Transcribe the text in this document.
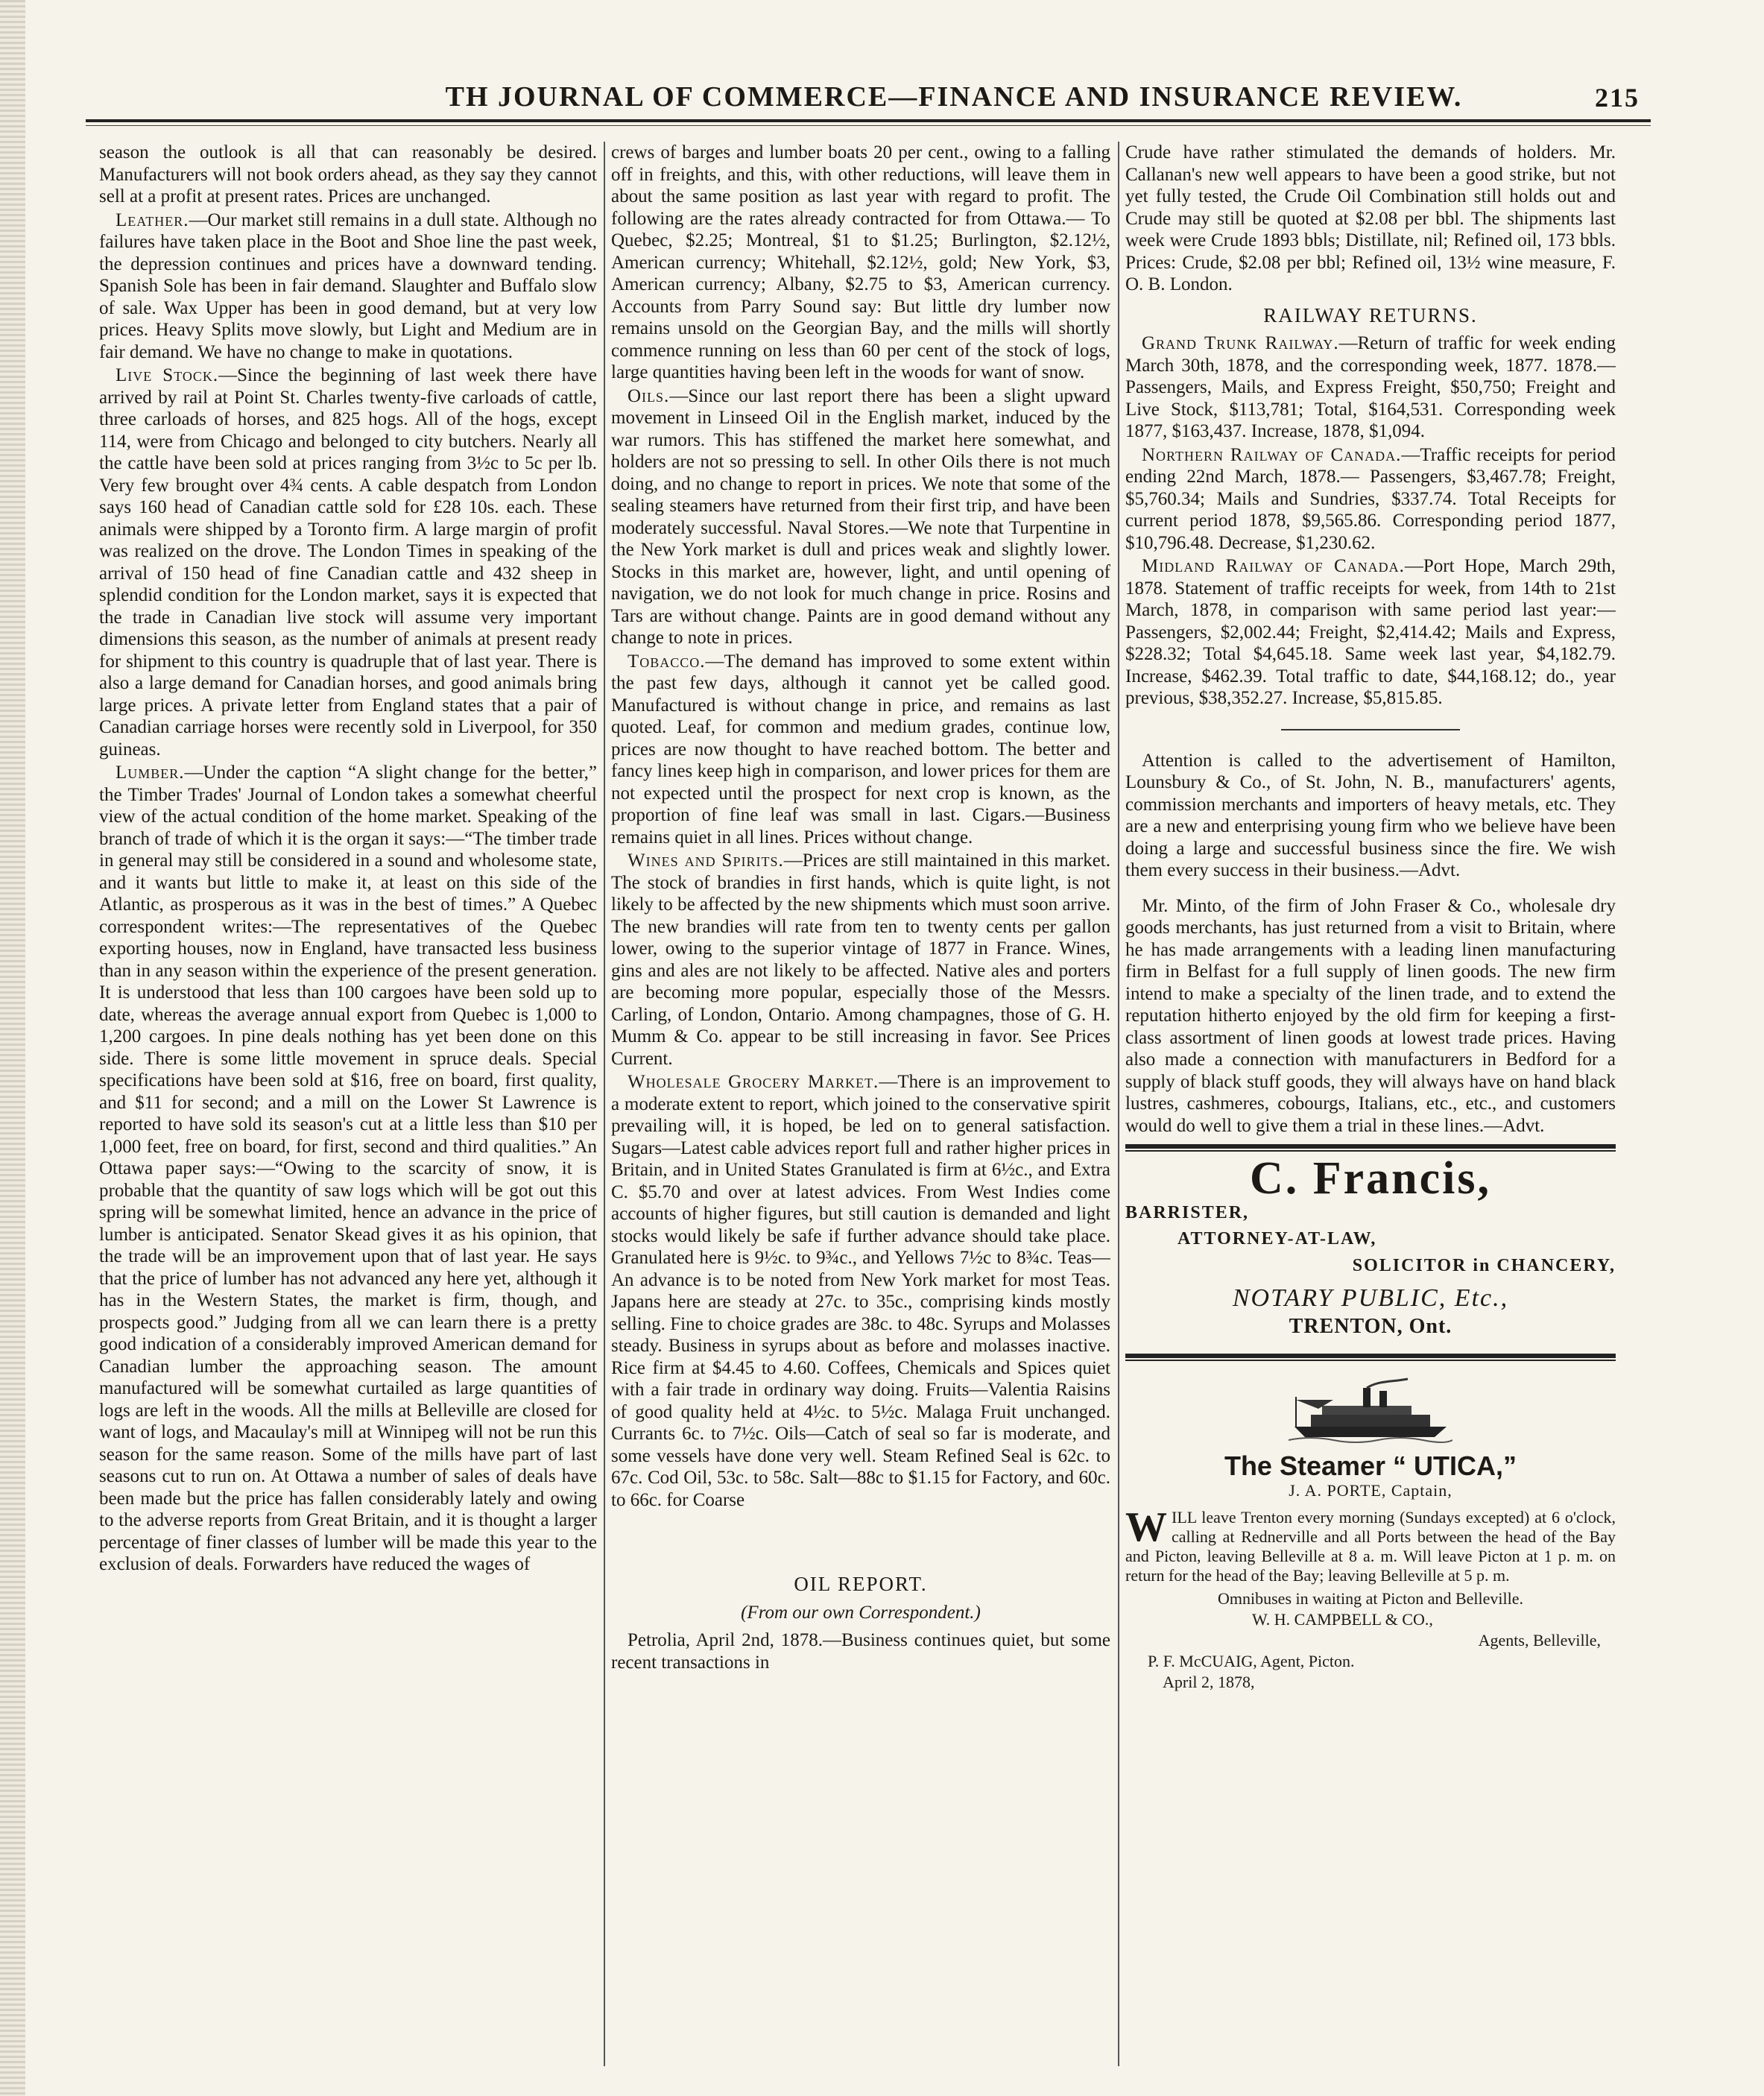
TH JOURNAL OF COMMERCE—FINANCE AND INSURANCE REVIEW.	215

season the outlook is all that can reasonably be desired. Manufacturers will not book orders ahead, as they say they cannot sell at a profit at present rates. Prices are unchanged.

Leather.—Our market still remains in a dull state. Although no failures have taken place in the Boot and Shoe line the past week, the depression continues and prices have a downward tending. Spanish Sole has been in fair demand. Slaughter and Buffalo slow of sale. Wax Upper has been in good demand, but at very low prices. Heavy Splits move slowly, but Light and Medium are in fair demand. We have no change to make in quotations.

Live Stock.—Since the beginning of last week there have arrived by rail at Point St. Charles twenty-five carloads of cattle, three carloads of horses, and 825 hogs. All of the hogs, except 114, were from Chicago and belonged to city butchers. Nearly all the cattle have been sold at prices ranging from 3½c to 5c per lb. Very few brought over 4¾ cents. A cable despatch from London says 160 head of Canadian cattle sold for £28 10s. each. These animals were shipped by a Toronto firm. A large margin of profit was realized on the drove. The London Times in speaking of the arrival of 150 head of fine Canadian cattle and 432 sheep in splendid condition for the London market, says it is expected that the trade in Canadian live stock will assume very important dimensions this season, as the number of animals at present ready for shipment to this country is quadruple that of last year. There is also a large demand for Canadian horses, and good animals bring large prices. A private letter from England states that a pair of Canadian carriage horses were recently sold in Liverpool, for 350 guineas.

Lumber.—Under the caption “A slight change for the better,” the Timber Trades' Journal of London takes a somewhat cheerful view of the actual condition of the home market. Speaking of the branch of trade of which it is the organ it says:—“The timber trade in general may still be considered in a sound and wholesome state, and it wants but little to make it, at least on this side of the Atlantic, as prosperous as it was in the best of times.” A Quebec correspondent writes:—The representatives of the Quebec exporting houses, now in England, have transacted less business than in any season within the experience of the present generation. It is understood that less than 100 cargoes have been sold up to date, whereas the average annual export from Quebec is 1,000 to 1,200 cargoes. In pine deals nothing has yet been done on this side. There is some little movement in spruce deals. Special specifications have been sold at $16, free on board, first quality, and $11 for second; and a mill on the Lower St Lawrence is reported to have sold its season's cut at a little less than $10 per 1,000 feet, free on board, for first, second and third qualities.” An Ottawa paper says:—“Owing to the scarcity of snow, it is probable that the quantity of saw logs which will be got out this spring will be somewhat limited, hence an advance in the price of lumber is anticipated. Senator Skead gives it as his opinion, that the trade will be an improvement upon that of last year. He says that the price of lumber has not advanced any here yet, although it has in the Western States, the market is firm, though, and prospects good.” Judging from all we can learn there is a pretty good indication of a considerably improved American demand for Canadian lumber the approaching season. The amount manufactured will be somewhat curtailed as large quantities of logs are left in the woods. All the mills at Belleville are closed for want of logs, and Macaulay's mill at Winnipeg will not be run this season for the same reason. Some of the mills have part of last seasons cut to run on. At Ottawa a number of sales of deals have been made but the price has fallen considerably lately and owing to the adverse reports from Great Britain, and it is thought a larger percentage of finer classes of lumber will be made this year to the exclusion of deals. Forwarders have reduced the wages of

crews of barges and lumber boats 20 per cent., owing to a falling off in freights, and this, with other reductions, will leave them in about the same position as last year with regard to profit. The following are the rates already contracted for from Ottawa.— To Quebec, $2.25; Montreal, $1 to $1.25; Burlington, $2.12½, American currency; Whitehall, $2.12½, gold; New York, $3, American currency; Albany, $2.75 to $3, American currency. Accounts from Parry Sound say: But little dry lumber now remains unsold on the Georgian Bay, and the mills will shortly commence running on less than 60 per cent of the stock of logs, large quantities having been left in the woods for want of snow.

Oils.—Since our last report there has been a slight upward movement in Linseed Oil in the English market, induced by the war rumors. This has stiffened the market here somewhat, and holders are not so pressing to sell. In other Oils there is not much doing, and no change to report in prices. We note that some of the sealing steamers have returned from their first trip, and have been moderately successful. Naval Stores.—We note that Turpentine in the New York market is dull and prices weak and slightly lower. Stocks in this market are, however, light, and until opening of navigation, we do not look for much change in price. Rosins and Tars are without change. Paints are in good demand without any change to note in prices.

Tobacco.—The demand has improved to some extent within the past few days, although it cannot yet be called good. Manufactured is without change in price, and remains as last quoted. Leaf, for common and medium grades, continue low, prices are now thought to have reached bottom. The better and fancy lines keep high in comparison, and lower prices for them are not expected until the prospect for next crop is known, as the proportion of fine leaf was small in last. Cigars.—Business remains quiet in all lines. Prices without change.

Wines and Spirits.—Prices are still maintained in this market. The stock of brandies in first hands, which is quite light, is not likely to be affected by the new shipments which must soon arrive. The new brandies will rate from ten to twenty cents per gallon lower, owing to the superior vintage of 1877 in France. Wines, gins and ales are not likely to be affected. Native ales and porters are becoming more popular, especially those of the Messrs. Carling, of London, Ontario. Among champagnes, those of G. H. Mumm & Co. appear to be still increasing in favor. See Prices Current.

Wholesale Grocery Market.—There is an improvement to a moderate extent to report, which joined to the conservative spirit prevailing will, it is hoped, be led on to general satisfaction. Sugars—Latest cable advices report full and rather higher prices in Britain, and in United States Granulated is firm at 6½c., and Extra C. $5.70 and over at latest advices. From West Indies come accounts of higher figures, but still caution is demanded and light stocks would likely be safe if further advance should take place. Granulated here is 9½c. to 9¾c., and Yellows 7½c to 8¾c. Teas—An advance is to be noted from New York market for most Teas. Japans here are steady at 27c. to 35c., comprising kinds mostly selling. Fine to choice grades are 38c. to 48c. Syrups and Molasses steady. Business in syrups about as before and molasses inactive. Rice firm at $4.45 to 4.60. Coffees, Chemicals and Spices quiet with a fair trade in ordinary way doing. Fruits—Valentia Raisins of good quality held at 4½c. to 5½c. Malaga Fruit unchanged. Currants 6c. to 7½c. Oils—Catch of seal so far is moderate, and some vessels have done very well. Steam Refined Seal is 62c. to 67c. Cod Oil, 53c. to 58c. Salt—88c to $1.15 for Factory, and 60c. to 66c. for Coarse

OIL REPORT.

(From our own Correspondent.)

Petrolia, April 2nd, 1878.—Business continues quiet, but some recent transactions in

Crude have rather stimulated the demands of holders. Mr. Callanan's new well appears to have been a good strike, but not yet fully tested, the Crude Oil Combination still holds out and Crude may still be quoted at $2.08 per bbl. The shipments last week were Crude 1893 bbls; Distillate, nil; Refined oil, 173 bbls. Prices: Crude, $2.08 per bbl; Refined oil, 13½ wine measure, F. O. B. London.

RAILWAY RETURNS.

Grand Trunk Railway.—Return of traffic for week ending March 30th, 1878, and the corresponding week, 1877. 1878.—Passengers, Mails, and Express Freight, $50,750; Freight and Live Stock, $113,781; Total, $164,531. Corresponding week 1877, $163,437. Increase, 1878, $1,094.

Northern Railway of Canada.—Traffic receipts for period ending 22nd March, 1878.— Passengers, $3,467.78; Freight, $5,760.34; Mails and Sundries, $337.74. Total Receipts for current period 1878, $9,565.86. Corresponding period 1877, $10,796.48. Decrease, $1,230.62.

Midland Railway of Canada.—Port Hope, March 29th, 1878. Statement of traffic receipts for week, from 14th to 21st March, 1878, in comparison with same period last year:—Passengers, $2,002.44; Freight, $2,414.42; Mails and Express, $228.32; Total $4,645.18. Same week last year, $4,182.79. Increase, $462.39. Total traffic to date, $44,168.12; do., year previous, $38,352.27. Increase, $5,815.85.

Attention is called to the advertisement of Hamilton, Lounsbury & Co., of St. John, N. B., manufacturers' agents, commission merchants and importers of heavy metals, etc. They are a new and enterprising young firm who we believe have been doing a large and successful business since the fire. We wish them every success in their business.—Advt.

Mr. Minto, of the firm of John Fraser & Co., wholesale dry goods merchants, has just returned from a visit to Britain, where he has made arrangements with a leading linen manufacturing firm in Belfast for a full supply of linen goods. The new firm intend to make a specialty of the linen trade, and to extend the reputation hitherto enjoyed by the old firm for keeping a first-class assortment of linen goods at lowest trade prices. Having also made a connection with manufacturers in Bedford for a supply of black stuff goods, they will always have on hand black lustres, cashmeres, cobourgs, Italians, etc., etc., and customers would do well to give them a trial in these lines.—Advt.

C. Francis,
BARRISTER,
ATTORNEY-AT-LAW,
SOLICITOR in CHANCERY,
NOTARY PUBLIC, Etc.,
TRENTON, Ont.
The Steamer “ UTICA,”
J. A. PORTE, Captain,
WILL leave Trenton every morning (Sundays excepted) at 6 o'clock, calling at Rednerville and all Ports between the head of the Bay and Picton, leaving Belleville at 8 a. m. Will leave Picton at 1 p. m. on return for the head of the Bay; leaving Belleville at 5 p. m.
Omnibuses in waiting at Picton and Belleville.
W. H. CAMPBELL & CO.,
Agents, Belleville,
P. F. McCUAIG, Agent, Picton.
April 2, 1878,
